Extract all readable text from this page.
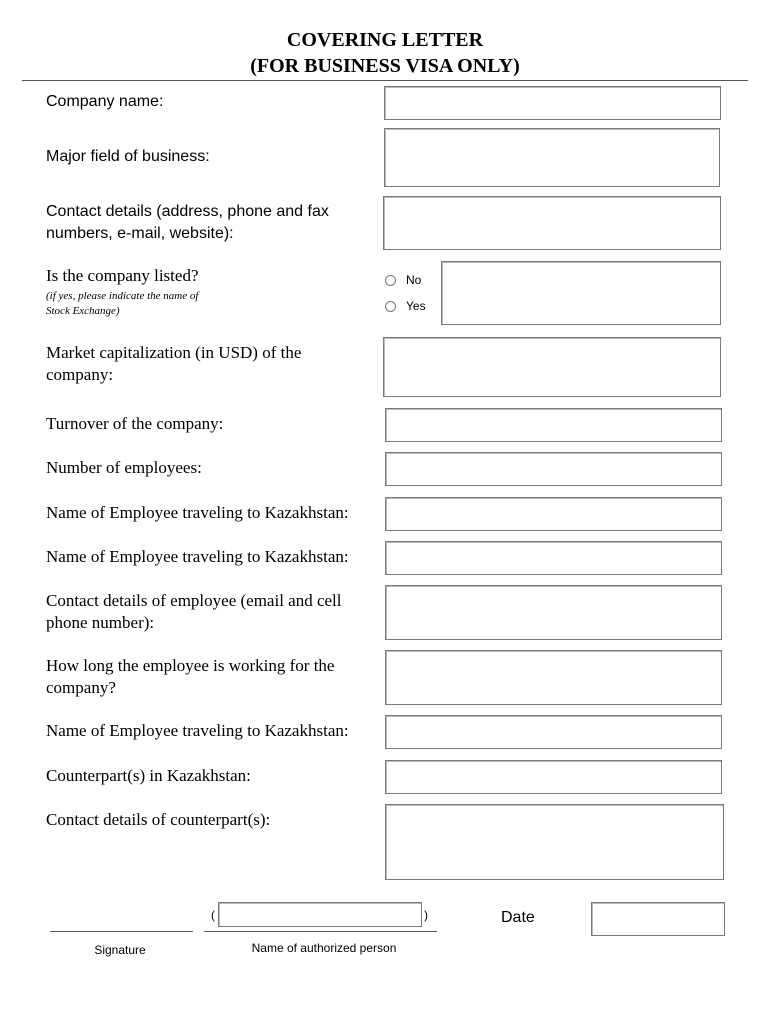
COVERING LETTER
(FOR BUSINESS VISA ONLY)
Company name:
Major field of business:
Contact details (address, phone and fax
numbers, e-mail, website):
Is the company listed?
(if yes, please indicate the name of
Stock Exchange)
No
Yes
Market capitalization (in USD) of the
company:
Turnover of the company:
Number of employees:
Name of Employee traveling to Kazakhstan:
Name of Employee traveling to Kazakhstan:
Contact details of employee (email and cell
phone number):
How long the employee is working for the
company?
Name of Employee traveling to Kazakhstan:
Counterpart(s) in Kazakhstan:
Contact details of counterpart(s):
Signature
(	)
Name of authorized person
Date
